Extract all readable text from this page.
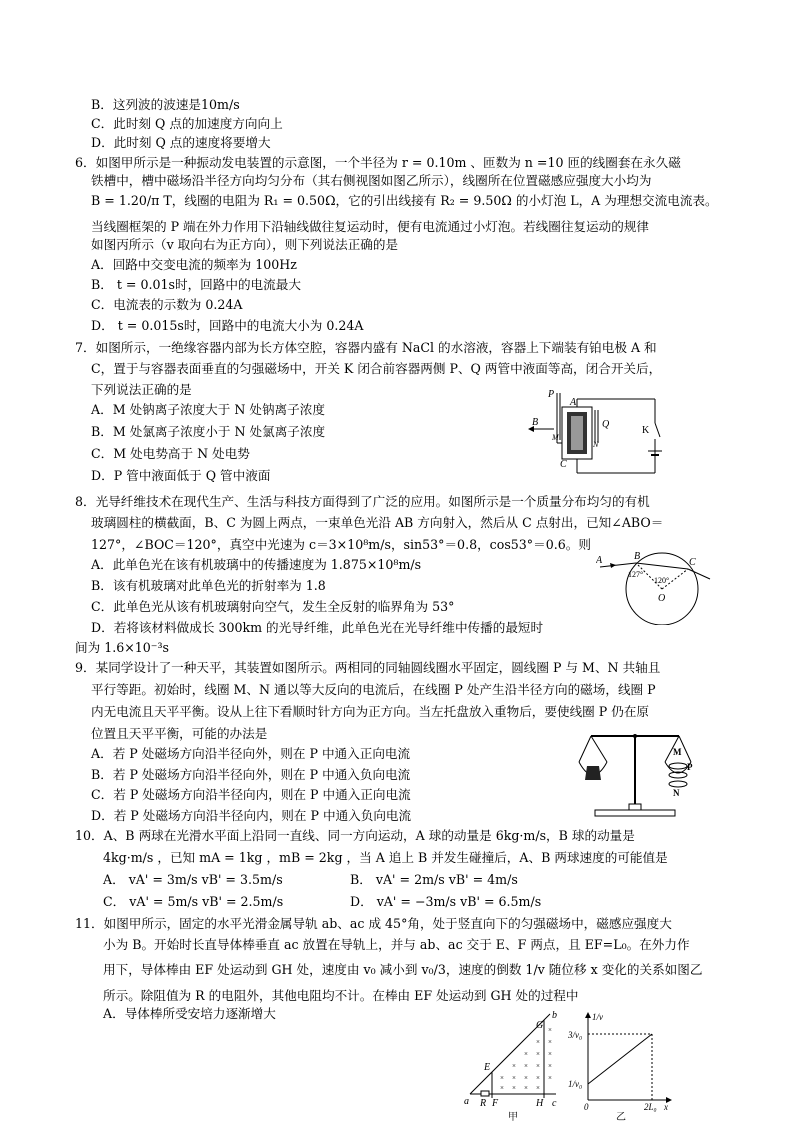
B．这列波的波速是10m/s
C．此时刻 Q 点的加速度方向向上
D．此时刻 Q 点的速度将要增大
6．如图甲所示是一种振动发电装置的示意图，一个半径为 r = 0.10m 、匝数为 n =10 匝的线圈套在永久磁
铁槽中，槽中磁场沿半径方向均匀分布（其右侧视图如图乙所示），线圈所在位置磁感应强度大小均为
B = 1.20/π T，线圈的电阻为 R₁ = 0.50Ω，它的引出线接有 R₂ = 9.50Ω 的小灯泡 L，A 为理想交流电流表。
当线圈框架的 P 端在外力作用下沿轴线做往复运动时，便有电流通过小灯泡。若线圈往复运动的规律
如图丙所示（v 取向右为正方向），则下列说法正确的是
A．回路中交变电流的频率为 100Hz
B． t = 0.01s时，回路中的电流最大
C．电流表的示数为 0.24A
D． t = 0.015s时，回路中的电流大小为 0.24A
7．如图所示，一绝缘容器内部为长方体空腔，容器内盛有 NaCl 的水溶液，容器上下端装有铂电极 A 和
C，置于与容器表面垂直的匀强磁场中，开关 K 闭合前容器两侧 P、Q 两管中液面等高，闭合开关后，
下列说法正确的是
A．M 处钠离子浓度大于 N 处钠离子浓度
B．M 处氯离子浓度小于 N 处氯离子浓度
C．M 处电势高于 N 处电势
D．P 管中液面低于 Q 管中液面
B
P
Q
A
C
M
N
K
8．光导纤维技术在现代生产、生活与科技方面得到了广泛的应用。如图所示是一个质量分布均匀的有机
玻璃圆柱的横截面，B、C 为圆上两点，一束单色光沿 AB 方向射入，然后从 C 点射出，已知∠ABO＝
127°，∠BOC＝120°，真空中光速为 c＝3×10⁸m/s，sin53°＝0.8，cos53°＝0.6。则
A．此单色光在该有机玻璃中的传播速度为 1.875×10⁸m/s
B．该有机玻璃对此单色光的折射率为 1.8
C．此单色光从该有机玻璃射向空气，发生全反射的临界角为 53°
D．若将该材料做成长 300km 的光导纤维，此单色光在光导纤维中传播的最短时
间为 1.6×10⁻³s
A	B
C
O
127°
120°
9．某同学设计了一种天平，其装置如图所示。两相同的同轴圆线圈水平固定，圆线圈 P 与 M、N 共轴且
平行等距。初始时，线圈 M、N 通以等大反向的电流后，在线圈 P 处产生沿半径方向的磁场，线圈 P
内无电流且天平平衡。设从上往下看顺时针方向为正方向。当左托盘放入重物后，要使线圈 P 仍在原
位置且天平平衡，可能的办法是
A．若 P 处磁场方向沿半径向外，则在 P 中通入正向电流
B．若 P 处磁场方向沿半径向外，则在 P 中通入负向电流
C．若 P 处磁场方向沿半径向内，则在 P 中通入正向电流
D．若 P 处磁场方向沿半径向内，则在 P 中通入负向电流
M
P
N
10．A、B 两球在光滑水平面上沿同一直线、同一方向运动，A 球的动量是 6kg·m/s，B 球的动量是
4kg·m/s ，已知 mA = 1kg ，mB = 2kg ，当 A 追上 B 并发生碰撞后，A、B 两球速度的可能值是
A． vA' = 3m/s vB' = 3.5m/s	B． vA' = 2m/s vB' = 4m/s
C． vA' = 5m/s vB' = 2.5m/s	D． vA' = −3m/s vB' = 6.5m/s
11．如图甲所示，固定的水平光滑金属导轨 ab、ac 成 45°角，处于竖直向下的匀强磁场中，磁感应强度大
小为 B。开始时长直导体棒垂直 ac 放置在导轨上，并与 ab、ac 交于 E、F 两点，且 EF=L₀。在外力作
用下，导体棒由 EF 处运动到 GH 处，速度由 v₀ 减小到 v₀/3，速度的倒数 1/v 随位移 x 变化的关系如图乙
所示。除阻值为 R 的电阻外，其他电阻均不计。在棒由 EF 处运动到 GH 处的过程中
A．导体棒所受安培力逐渐增大
× × × ×
× × ×
× ×
× ×
× × × ×
×
×
×
×
a
b
c
E
F
G
H
R
甲
1/v
3/v₀
1/v₀
0	2L₀ x
乙
